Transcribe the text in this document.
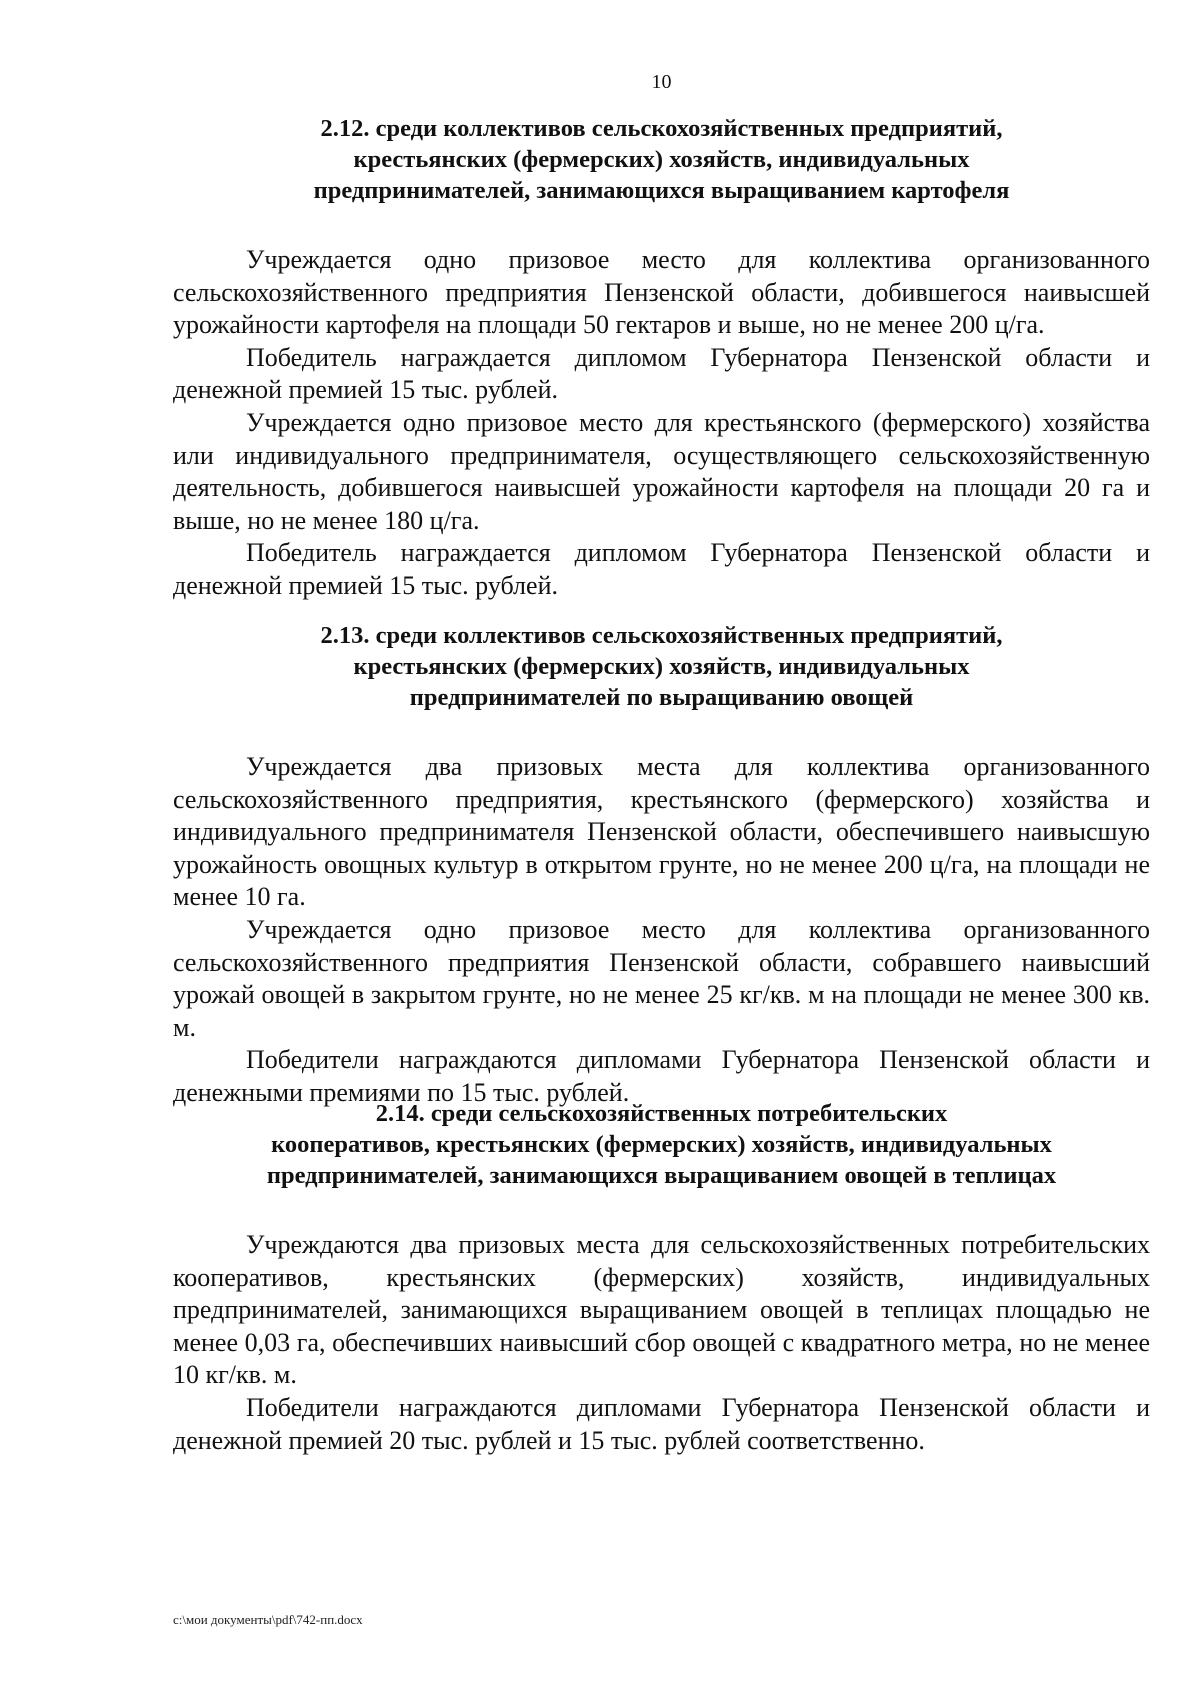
10
2.12. среди коллективов сельскохозяйственных предприятий,
крестьянских (фермерских) хозяйств, индивидуальных
предпринимателей, занимающихся выращиванием картофеля

Учреждается одно призовое место для коллектива организованного сельскохозяйственного предприятия Пензенской области, добившегося наивысшей урожайности картофеля на площади 50 гектаров и выше, но не менее 200 ц/га.

Победитель награждается дипломом Губернатора Пензенской области и денежной премией 15 тыс. рублей.

Учреждается одно призовое место для крестьянского (фермерского) хозяйства или индивидуального предпринимателя, осуществляющего сельскохозяйственную деятельность, добившегося наивысшей урожайности картофеля на площади 20 га и выше, но не менее 180 ц/га.

Победитель награждается дипломом Губернатора Пензенской области и денежной премией 15 тыс. рублей.

2.13. среди коллективов сельскохозяйственных предприятий,
крестьянских (фермерских) хозяйств, индивидуальных
предпринимателей по выращиванию овощей

Учреждается два призовых места для коллектива организованного сельскохозяйственного предприятия, крестьянского (фермерского) хозяйства и индивидуального предпринимателя Пензенской области, обеспечившего наивысшую урожайность овощных культур в открытом грунте, но не менее 200 ц/га, на площади не менее 10 га.

Учреждается одно призовое место для коллектива организованного сельскохозяйственного предприятия Пензенской области, собравшего наивысший урожай овощей в закрытом грунте, но не менее 25 кг/кв. м на площади не менее 300 кв. м.

Победители награждаются дипломами Губернатора Пензенской области и денежными премиями по 15 тыс. рублей.

2.14. среди сельскохозяйственных потребительских
кооперативов, крестьянских (фермерских) хозяйств, индивидуальных
предпринимателей, занимающихся выращиванием овощей в теплицах

Учреждаются два призовых места для сельскохозяйственных потребительских кооперативов, крестьянских (фермерских) хозяйств, индивидуальных предпринимателей, занимающихся выращиванием овощей в теплицах площадью не менее 0,03 га, обеспечивших наивысший сбор овощей с квадратного метра, но не менее 10 кг/кв. м.

Победители награждаются дипломами Губернатора Пензенской области и денежной премией 20 тыс. рублей и 15 тыс. рублей соответственно.

c:\мои документы\pdf\742-пп.docx
